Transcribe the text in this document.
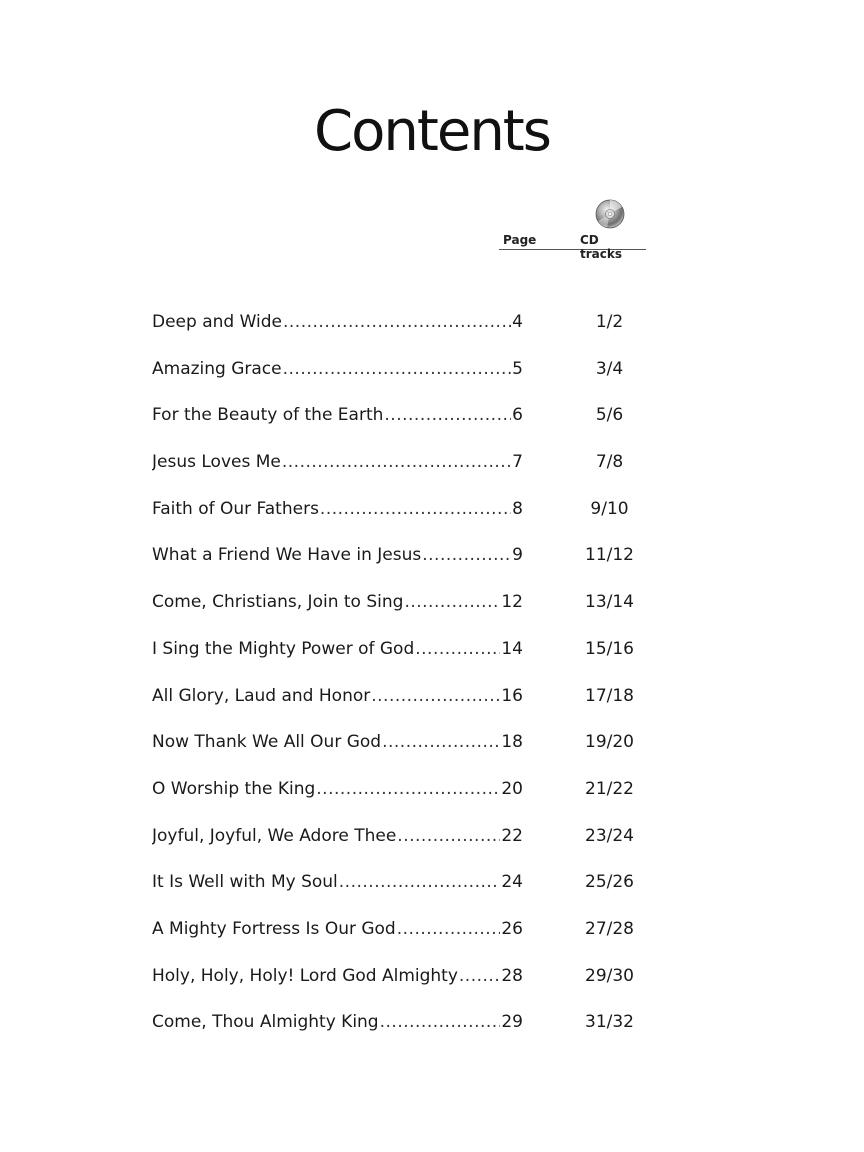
Contents
Page	CD tracks
Deep and Wide .....	4	1/2
Amazing Grace .....	5	3/4
For the Beauty of the Earth .....	6	5/6
Jesus Loves Me .....	7	7/8
Faith of Our Fathers .....	8	9/10
What a Friend We Have in Jesus .....	9	11/12
Come, Christians, Join to Sing .....	12	13/14
I Sing the Mighty Power of God .....	14	15/16
All Glory, Laud and Honor .....	16	17/18
Now Thank We All Our God .....	18	19/20
O Worship the King .....	20	21/22
Joyful, Joyful, We Adore Thee .....	22	23/24
It Is Well with My Soul .....	24	25/26
A Mighty Fortress Is Our God .....	26	27/28
Holy, Holy, Holy! Lord God Almighty .....	28	29/30
Come, Thou Almighty King .....	29	31/32
